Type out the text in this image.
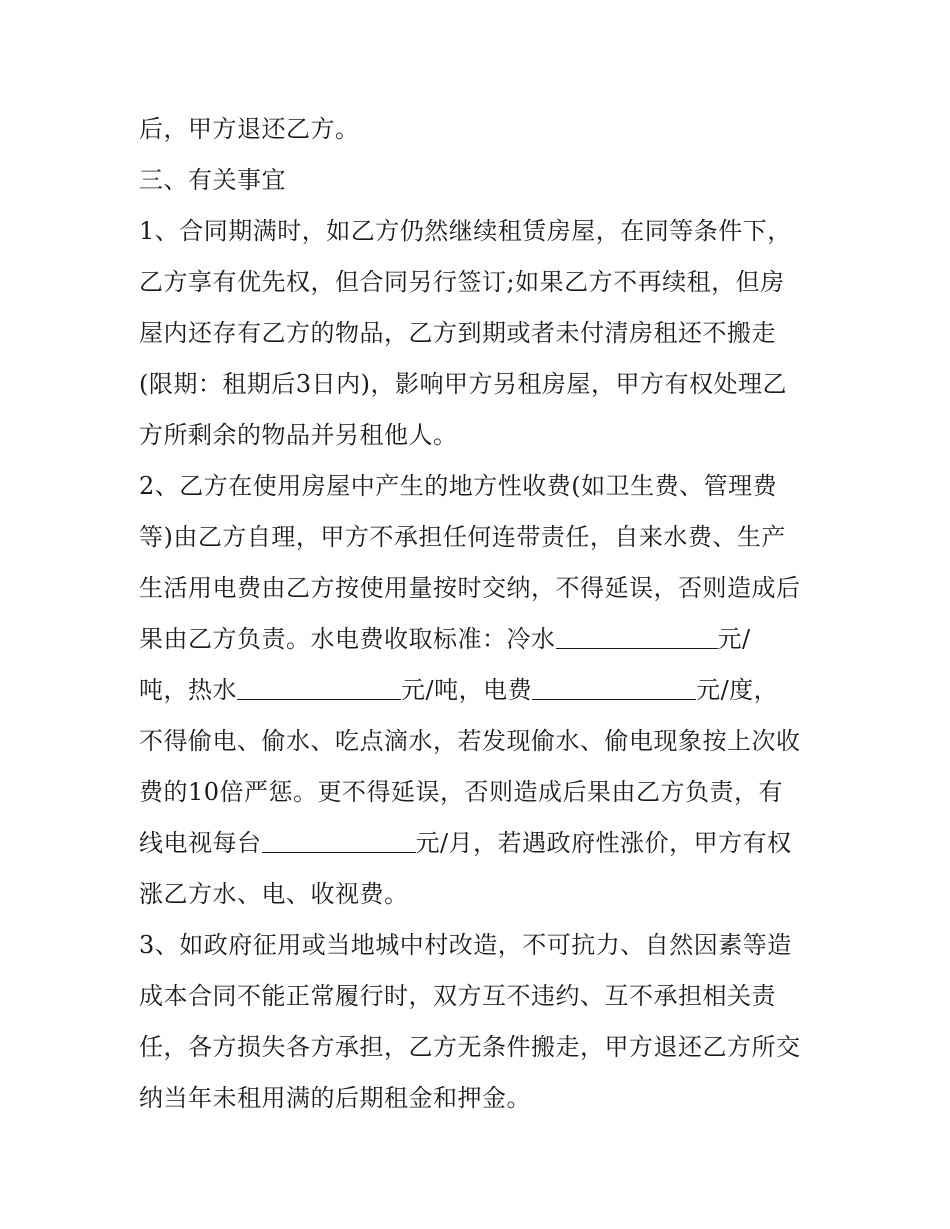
后，甲方退还乙方。
三、有关事宜
1、合同期满时，如乙方仍然继续租赁房屋，在同等条件下，
乙方享有优先权，但合同另行签订;如果乙方不再续租，但房
屋内还存有乙方的物品，乙方到期或者未付清房租还不搬走
(限期：租期后3日内)，影响甲方另租房屋，甲方有权处理乙
方所剩余的物品并另租他人。
2、乙方在使用房屋中产生的地方性收费(如卫生费、管理费
等)由乙方自理，甲方不承担任何连带责任，自来水费、生产
生活用电费由乙方按使用量按时交纳，不得延误，否则造成后
果由乙方负责。水电费收取标准：冷水	元/
吨，热水	元/吨，电费	元/度，
不得偷电、偷水、吃点滴水，若发现偷水、偷电现象按上次收
费的10倍严惩。更不得延误，否则造成后果由乙方负责，有
线电视每台	元/月，若遇政府性涨价，甲方有权
涨乙方水、电、收视费。
3、如政府征用或当地城中村改造，不可抗力、自然因素等造
成本合同不能正常履行时，双方互不违约、互不承担相关责
任，各方损失各方承担，乙方无条件搬走，甲方退还乙方所交
纳当年未租用满的后期租金和押金。
